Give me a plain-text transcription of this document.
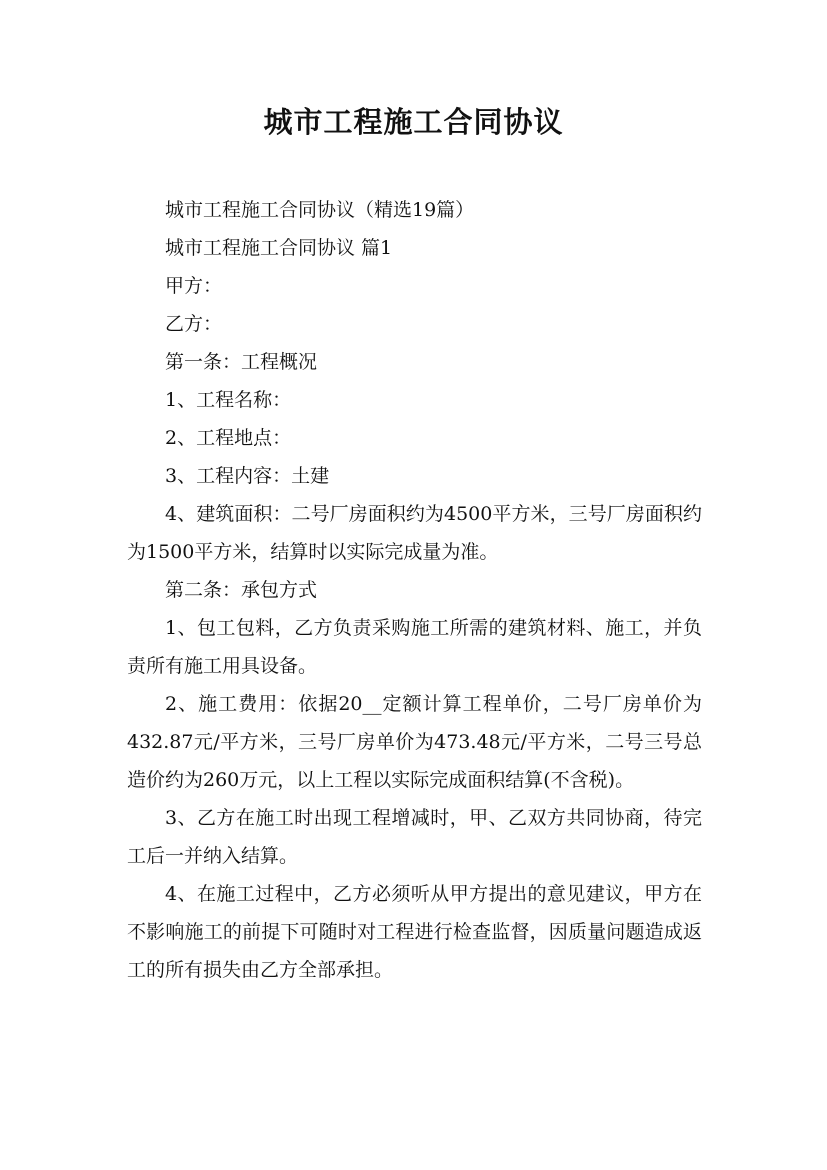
城市工程施工合同协议

城市工程施工合同协议（精选19篇）

城市工程施工合同协议 篇1

甲方：

乙方：

第一条：工程概况

1、工程名称：

2、工程地点：

3、工程内容：土建

4、建筑面积：二号厂房面积约为4500平方米，三号厂房面积约为1500平方米，结算时以实际完成量为准。

第二条：承包方式

1、包工包料，乙方负责采购施工所需的建筑材料、施工，并负责所有施工用具设备。

2、施工费用：依据20__定额计算工程单价，二号厂房单价为432.87元/平方米，三号厂房单价为473.48元/平方米，二号三号总造价约为260万元，以上工程以实际完成面积结算(不含税)。

3、乙方在施工时出现工程增减时，甲、乙双方共同协商，待完工后一并纳入结算。

4、在施工过程中，乙方必须听从甲方提出的意见建议，甲方在不影响施工的前提下可随时对工程进行检查监督，因质量问题造成返工的所有损失由乙方全部承担。
